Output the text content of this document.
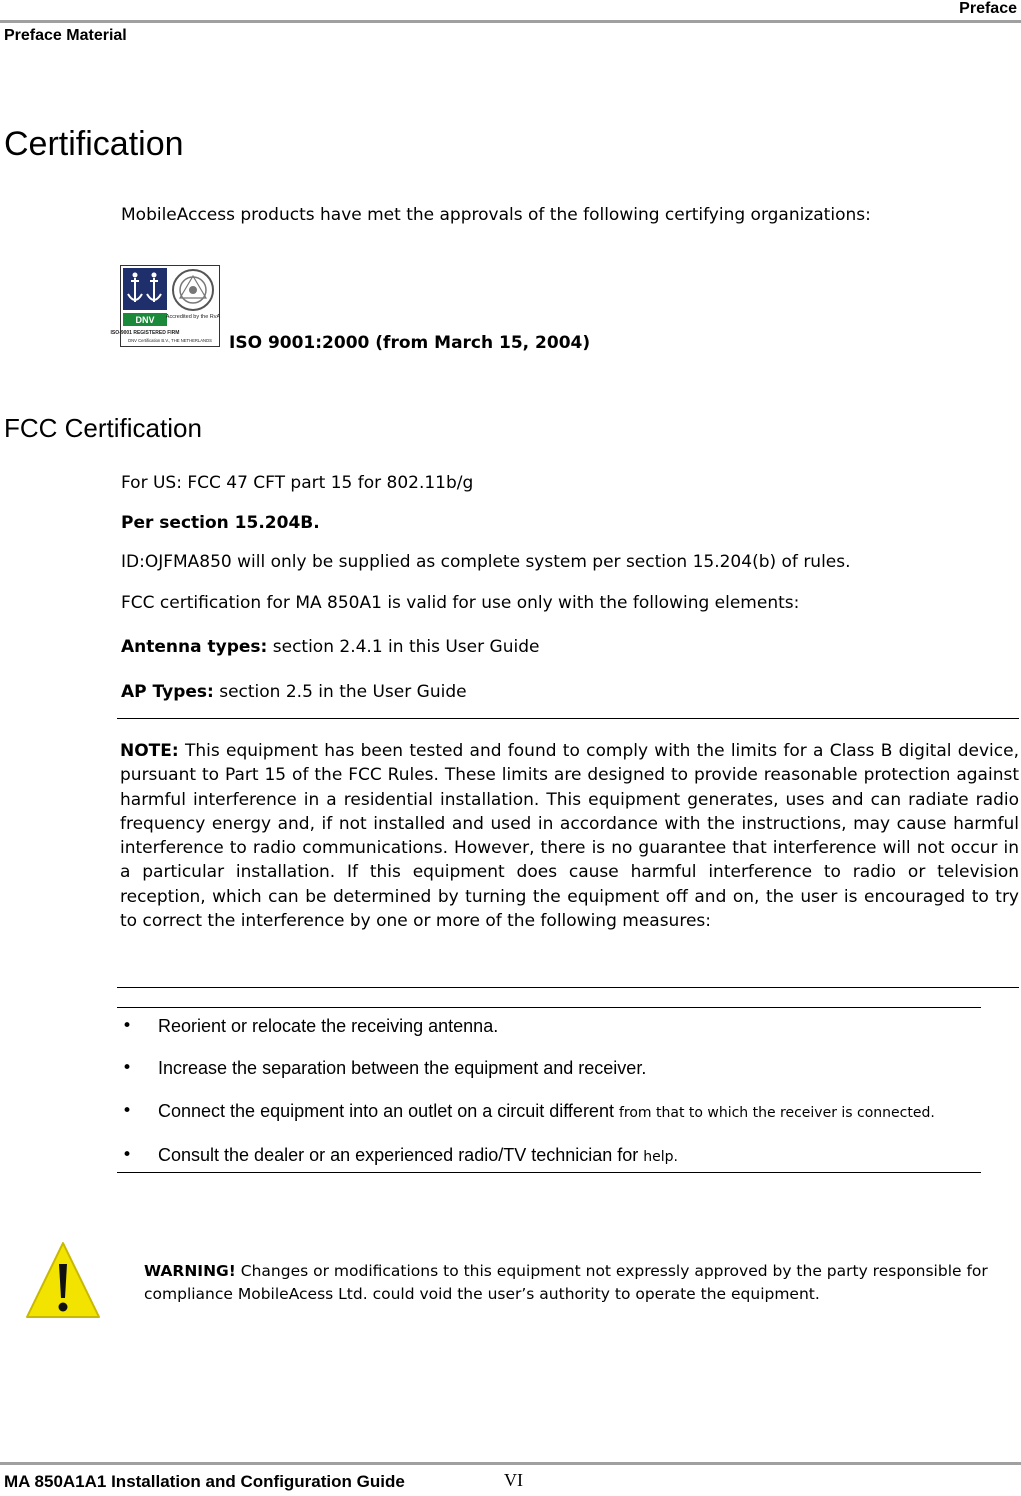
Preface
Preface Material
Certification
MobileAccess products have met the approvals of the following certifying organizations:
DNV Accredited by the RvA
ISO-9001 REGISTERED FIRM
DNV Certification B.V., THE NETHERLANDS ISO 9001:2000 (from March 15, 2004)
FCC Certification
For US: FCC 47 CFT part 15 for 802.11b/g
Per section 15.204B.
ID:OJFMA850 will only be supplied as complete system per section 15.204(b) of rules.
FCC certification for MA 850A1 is valid for use only with the following elements:
Antenna types: section 2.4.1 in this User Guide
AP Types: section 2.5 in the User Guide
NOTE: This equipment has been tested and found to comply with the limits for a Class B digital device, pursuant to Part 15 of the FCC Rules. These limits are designed to provide reasonable protection against harmful interference in a residential installation. This equipment generates, uses and can radiate radio frequency energy and, if not installed and used in accordance with the instructions, may cause harmful interference to radio communications. However, there is no guarantee that interference will not occur in a particular installation. If this equipment does cause harmful interference to radio or television reception, which can be determined by turning the equipment off and on, the user is encouraged to try to correct the interference by one or more of the following measures:
• Reorient or relocate the receiving antenna.
• Increase the separation between the equipment and receiver.
• Connect the equipment into an outlet on a circuit different from that to which the receiver is connected.
• Consult the dealer or an experienced radio/TV technician for help.
WARNING! Changes or modifications to this equipment not expressly approved by the party responsible for compliance MobileAcess Ltd. could void the user’s authority to operate the equipment.
MA 850A1A1 Installation and Configuration Guide	VI
